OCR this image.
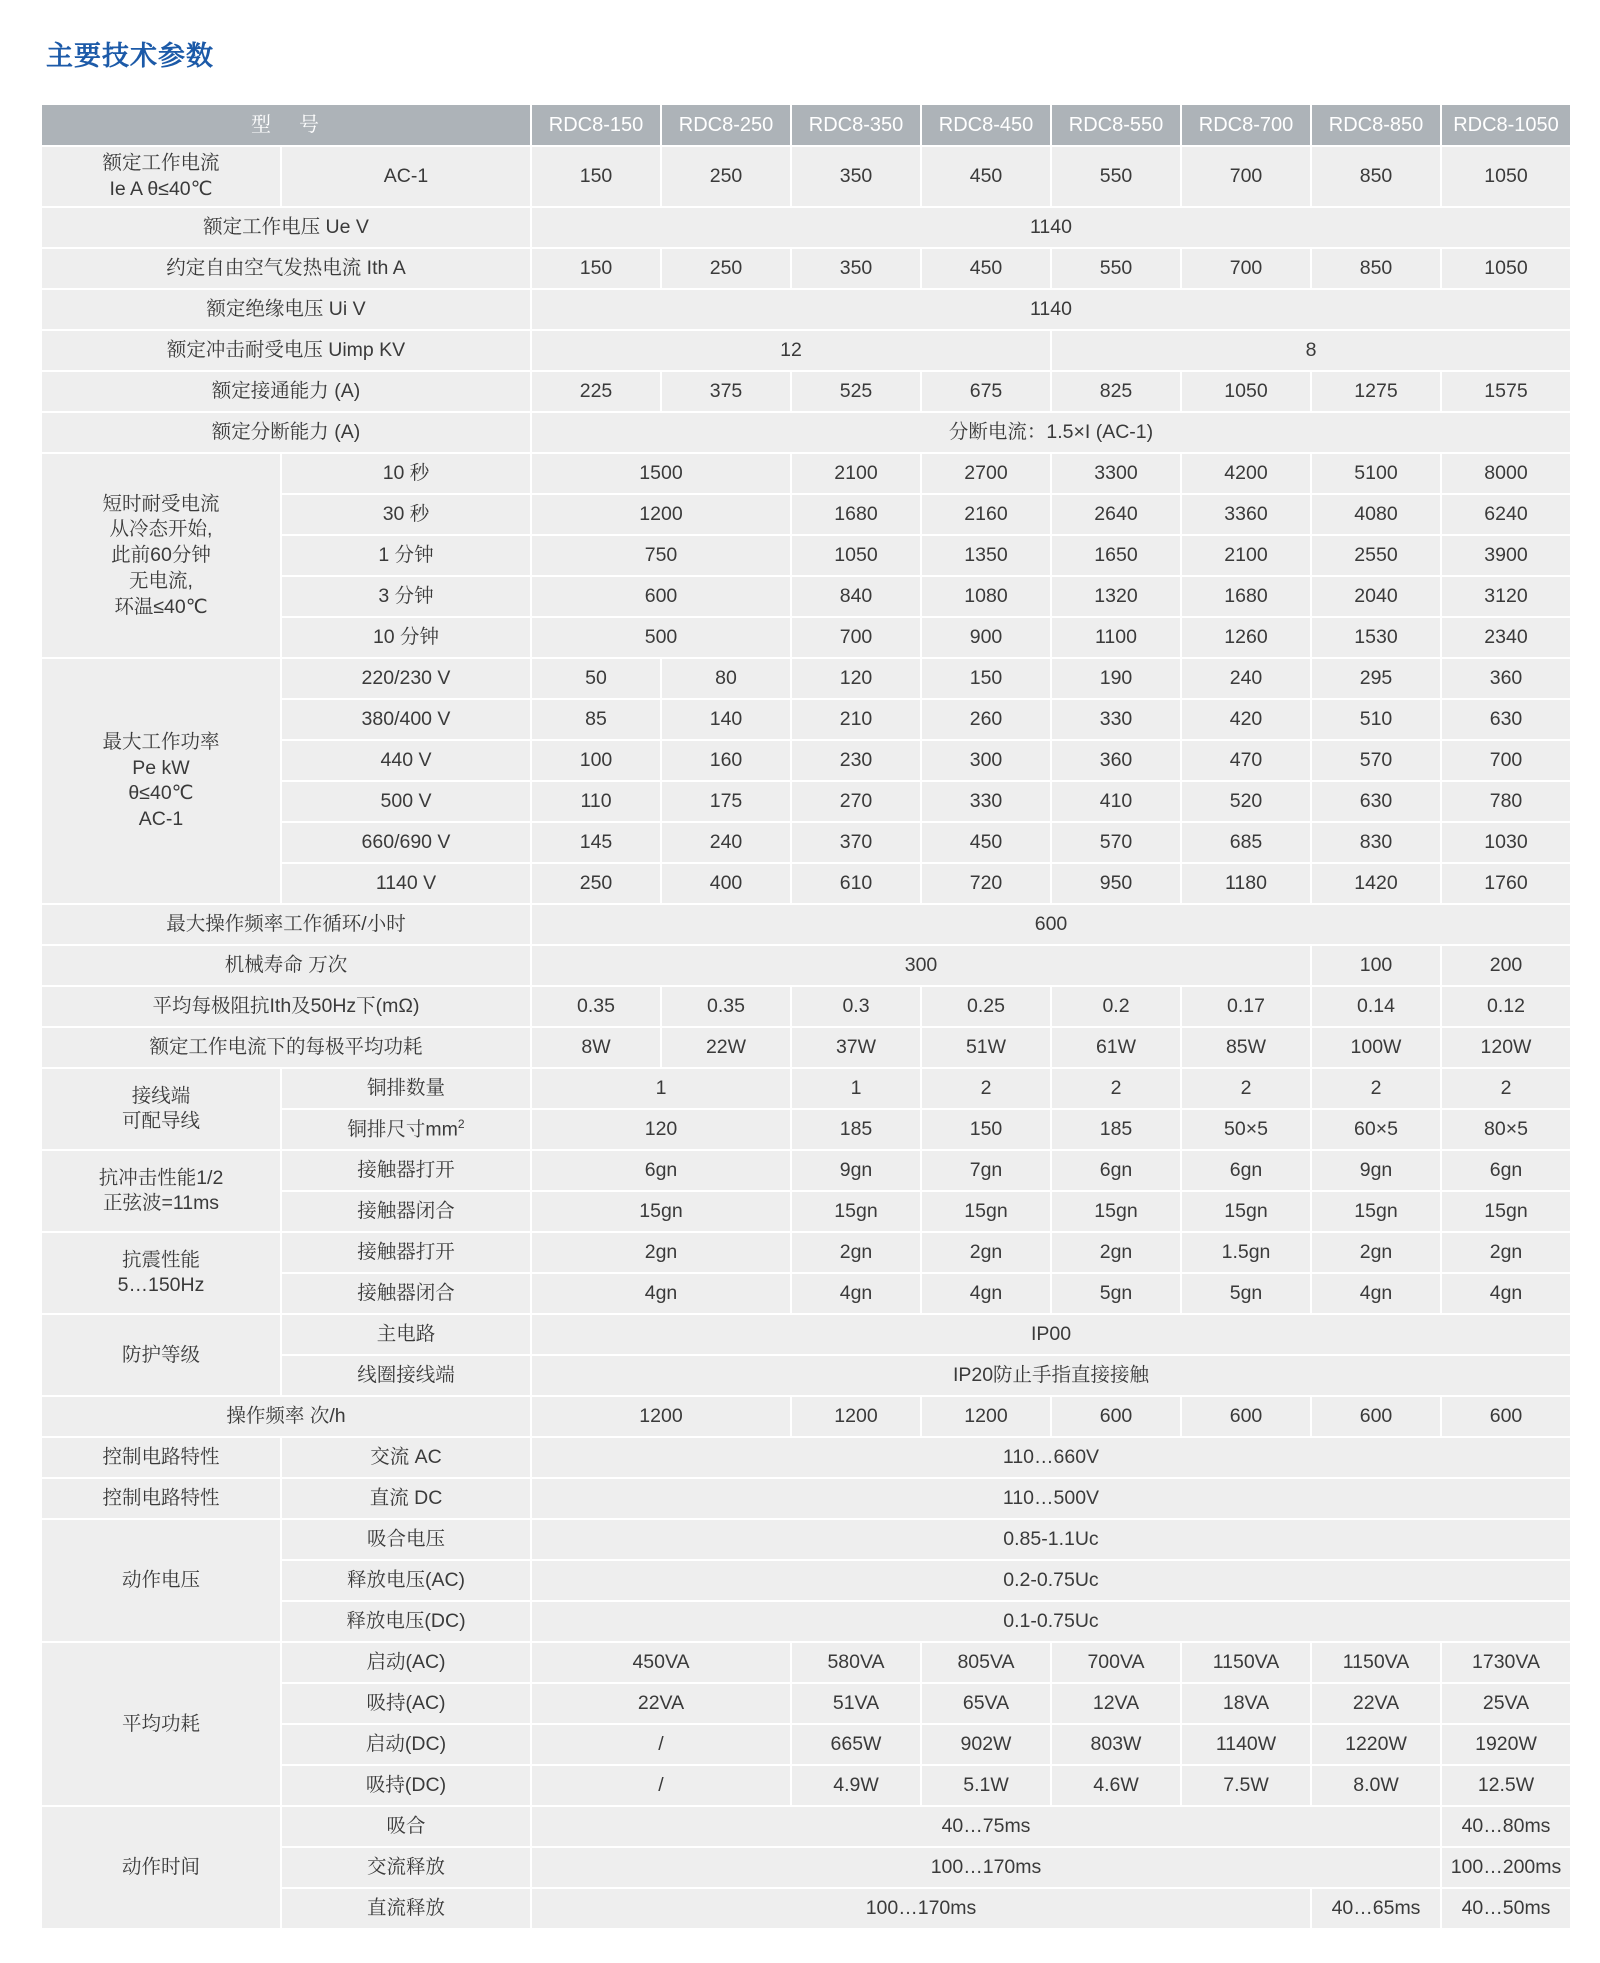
主要技术参数
型 号		RDC8-150	RDC8-250	RDC8-350	RDC8-450	RDC8-550	RDC8-700	RDC8-850	RDC8-1050

额定工作电流
Ie A θ≤40℃	AC-1	150	250	350	450	550	700	850	1050
额定工作电压 Ue V		1140							
约定自由空气发热电流 Ith A		150	250	350	450	550	700	850	1050
额定绝缘电压 Ui V		1140							
额定冲击耐受电压 Uimp KV		12				8			
额定接通能力 (A)		225	375	525	675	825	1050	1275	1575
额定分断能力 (A)		分断电流：1.5×I (AC-1)							

短时耐受电流
从冷态开始,
此前60分钟
无电流,
环温≤40℃	10 秒	1500		2100	2700	3300	4200	5100	8000
	30 秒	1200		1680	2160	2640	3360	4080	6240
	1 分钟	750		1050	1350	1650	2100	2550	3900
	3 分钟	600		840	1080	1320	1680	2040	3120
	10 分钟	500		700	900	1100	1260	1530	2340

最大工作功率
Pe kW
θ≤40℃
AC-1	220/230 V	50	80	120	150	190	240	295	360
	380/400 V	85	140	210	260	330	420	510	630
	440 V	100	160	230	300	360	470	570	700
	500 V	110	175	270	330	410	520	630	780
	660/690 V	145	240	370	450	570	685	830	1030
	1140 V	250	400	610	720	950	1180	1420	1760
最大操作频率工作循环/小时		600							
机械寿命 万次		300						100	200
平均每极阻抗Ith及50Hz下(mΩ)		0.35	0.35	0.3	0.25	0.2	0.17	0.14	0.12
额定工作电流下的每极平均功耗		8W	22W	37W	51W	61W	85W	100W	120W

接线端
可配导线	铜排数量	1		1	2	2	2	2	2
	铜排尺寸$mm^2$	120		185	150	185	50×5	60×5	80×5

抗冲击性能1/2
正弦波=11ms	接触器打开	6gn		9gn	7gn	6gn	6gn	9gn	6gn
	接触器闭合	15gn		15gn	15gn	15gn	15gn	15gn	15gn

抗震性能
5…150Hz	接触器打开	2gn		2gn	2gn	2gn	1.5gn	2gn	2gn
	接触器闭合	4gn		4gn	4gn	5gn	5gn	4gn	4gn
防护等级	主电路	IP00							
	线圈接线端	IP20防止手指直接接触							
操作频率 次/h		1200		1200	1200	600	600	600	600
控制电路特性	交流 AC	110…660V							
控制电路特性	直流 DC	110…500V							
动作电压	吸合电压	0.85-1.1Uc							
	释放电压(AC)	0.2-0.75Uc							
	释放电压(DC)	0.1-0.75Uc							
平均功耗	启动(AC)	450VA		580VA	805VA	700VA	1150VA	1150VA	1730VA
	吸持(AC)	22VA		51VA	65VA	12VA	18VA	22VA	25VA
	启动(DC)	/		665W	902W	803W	1140W	1220W	1920W
	吸持(DC)	/		4.9W	5.1W	4.6W	7.5W	8.0W	12.5W
动作时间	吸合	40…75ms							40…80ms
	交流释放	100…170ms							100…200ms
	直流释放	100…170ms						40…65ms	40…50ms
